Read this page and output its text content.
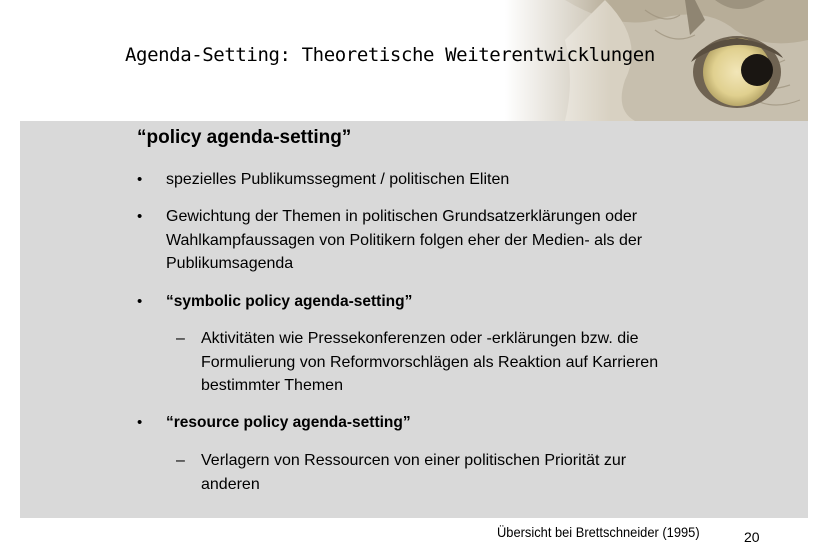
Agenda-Setting: Theoretische Weiterentwicklungen
“policy agenda-setting”
• spezielles Publikumssegment / politischen Eliten
• Gewichtung der Themen in politischen Grundsatzerklärungen oder Wahlkampfaussagen von Politikern folgen eher der Medien- als der Publikumsagenda
• “symbolic policy agenda-setting”
– Aktivitäten wie Pressekonferenzen oder -erklärungen bzw. die Formulierung von Reformvorschlägen als Reaktion auf Karrieren bestimmter Themen
• “resource policy agenda-setting”
– Verlagern von Ressourcen von einer politischen Priorität zur anderen
Übersicht bei Brettschneider (1995)	20
